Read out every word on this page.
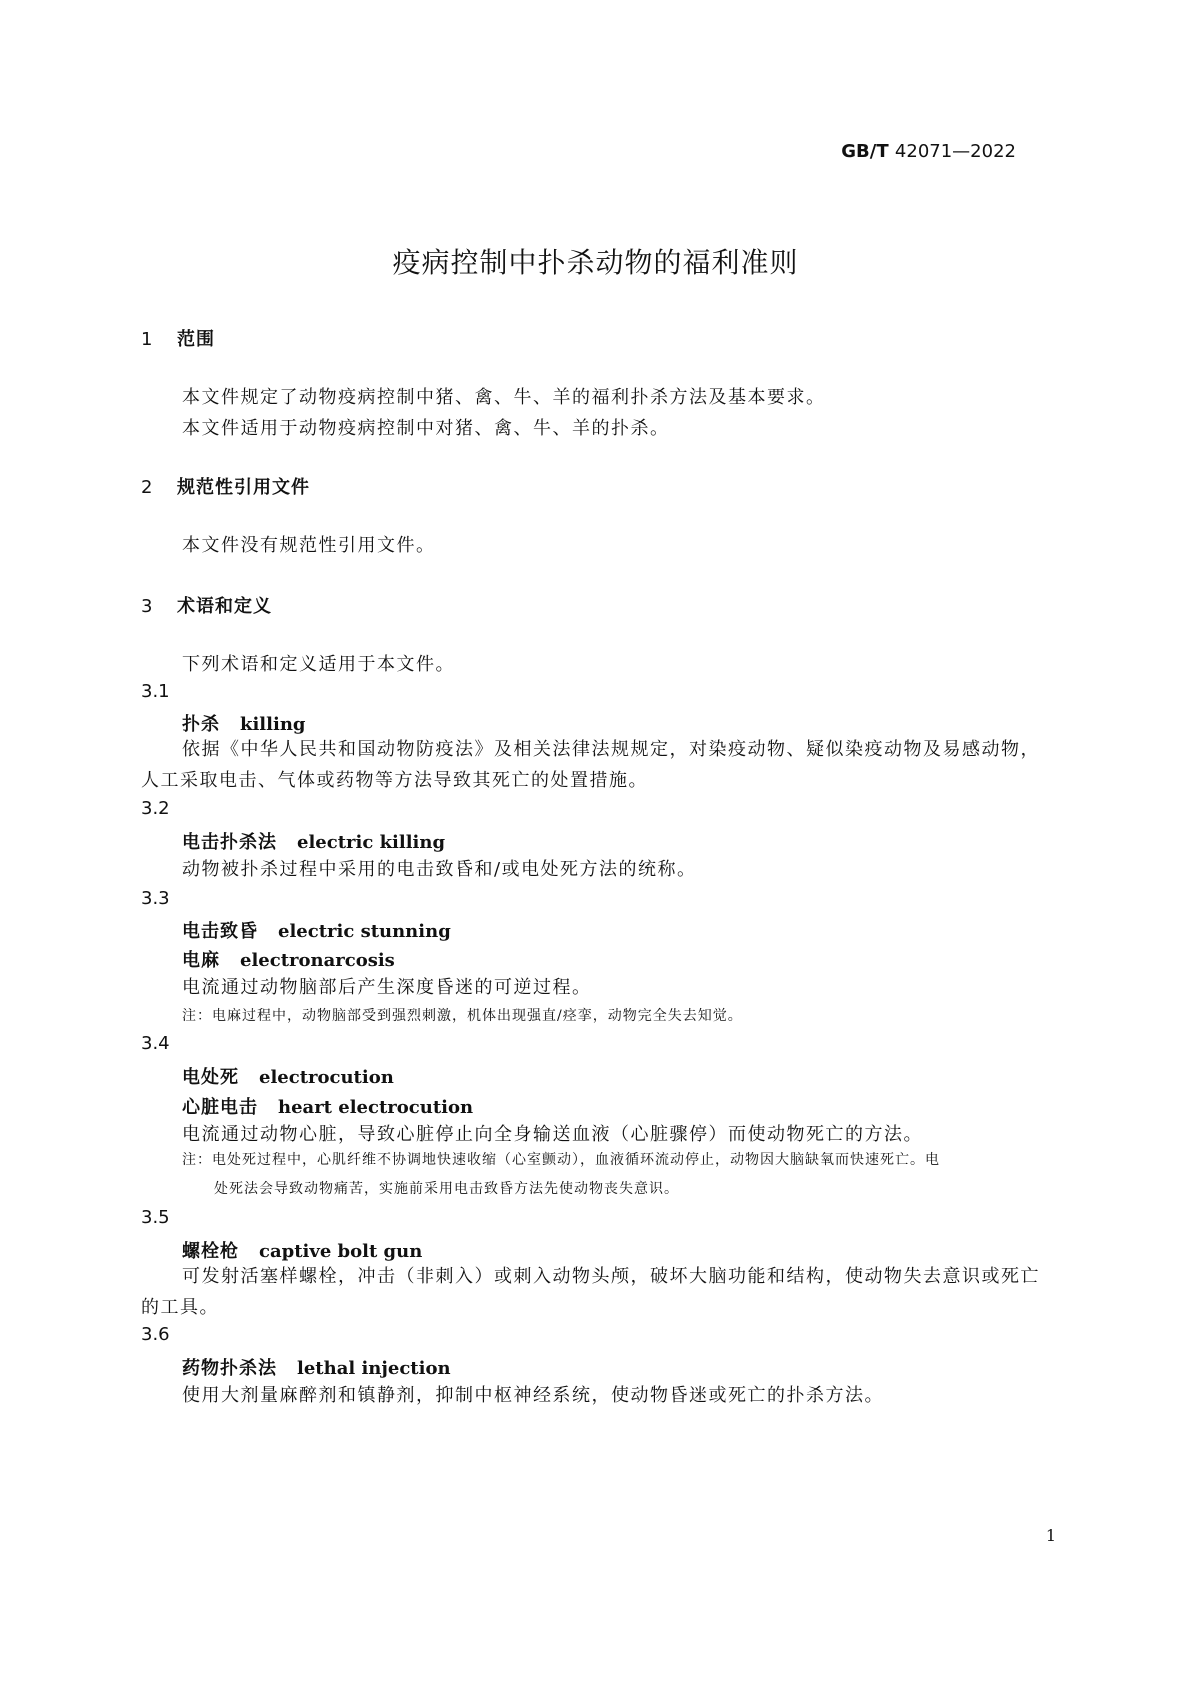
GB/T 42071—2022
疫病控制中扑杀动物的福利准则
1 范围
本文件规定了动物疫病控制中猪、禽、牛、羊的福利扑杀方法及基本要求。
本文件适用于动物疫病控制中对猪、禽、牛、羊的扑杀。
2 规范性引用文件
本文件没有规范性引用文件。
3 术语和定义
下列术语和定义适用于本文件。
3.1
扑杀 killing
依据《中华人民共和国动物防疫法》及相关法律法规规定，对染疫动物、疑似染疫动物及易感动物，人工采取电击、气体或药物等方法导致其死亡的处置措施。
3.2
电击扑杀法 electric killing
动物被扑杀过程中采用的电击致昏和/或电处死方法的统称。
3.3
电击致昏 electric stunning
电麻 electronarcosis
电流通过动物脑部后产生深度昏迷的可逆过程。
注：电麻过程中，动物脑部受到强烈刺激，机体出现强直/痉挛，动物完全失去知觉。
3.4
电处死 electrocution
心脏电击 heart electrocution
电流通过动物心脏，导致心脏停止向全身输送血液（心脏骤停）而使动物死亡的方法。
注：电处死过程中，心肌纤维不协调地快速收缩（心室颤动），血液循环流动停止，动物因大脑缺氧而快速死亡。电
处死法会导致动物痛苦，实施前采用电击致昏方法先使动物丧失意识。
3.5
螺栓枪 captive bolt gun
可发射活塞样螺栓，冲击（非刺入）或刺入动物头颅，破坏大脑功能和结构，使动物失去意识或死亡的工具。
3.6
药物扑杀法 lethal injection
使用大剂量麻醉剂和镇静剂，抑制中枢神经系统，使动物昏迷或死亡的扑杀方法。
1
